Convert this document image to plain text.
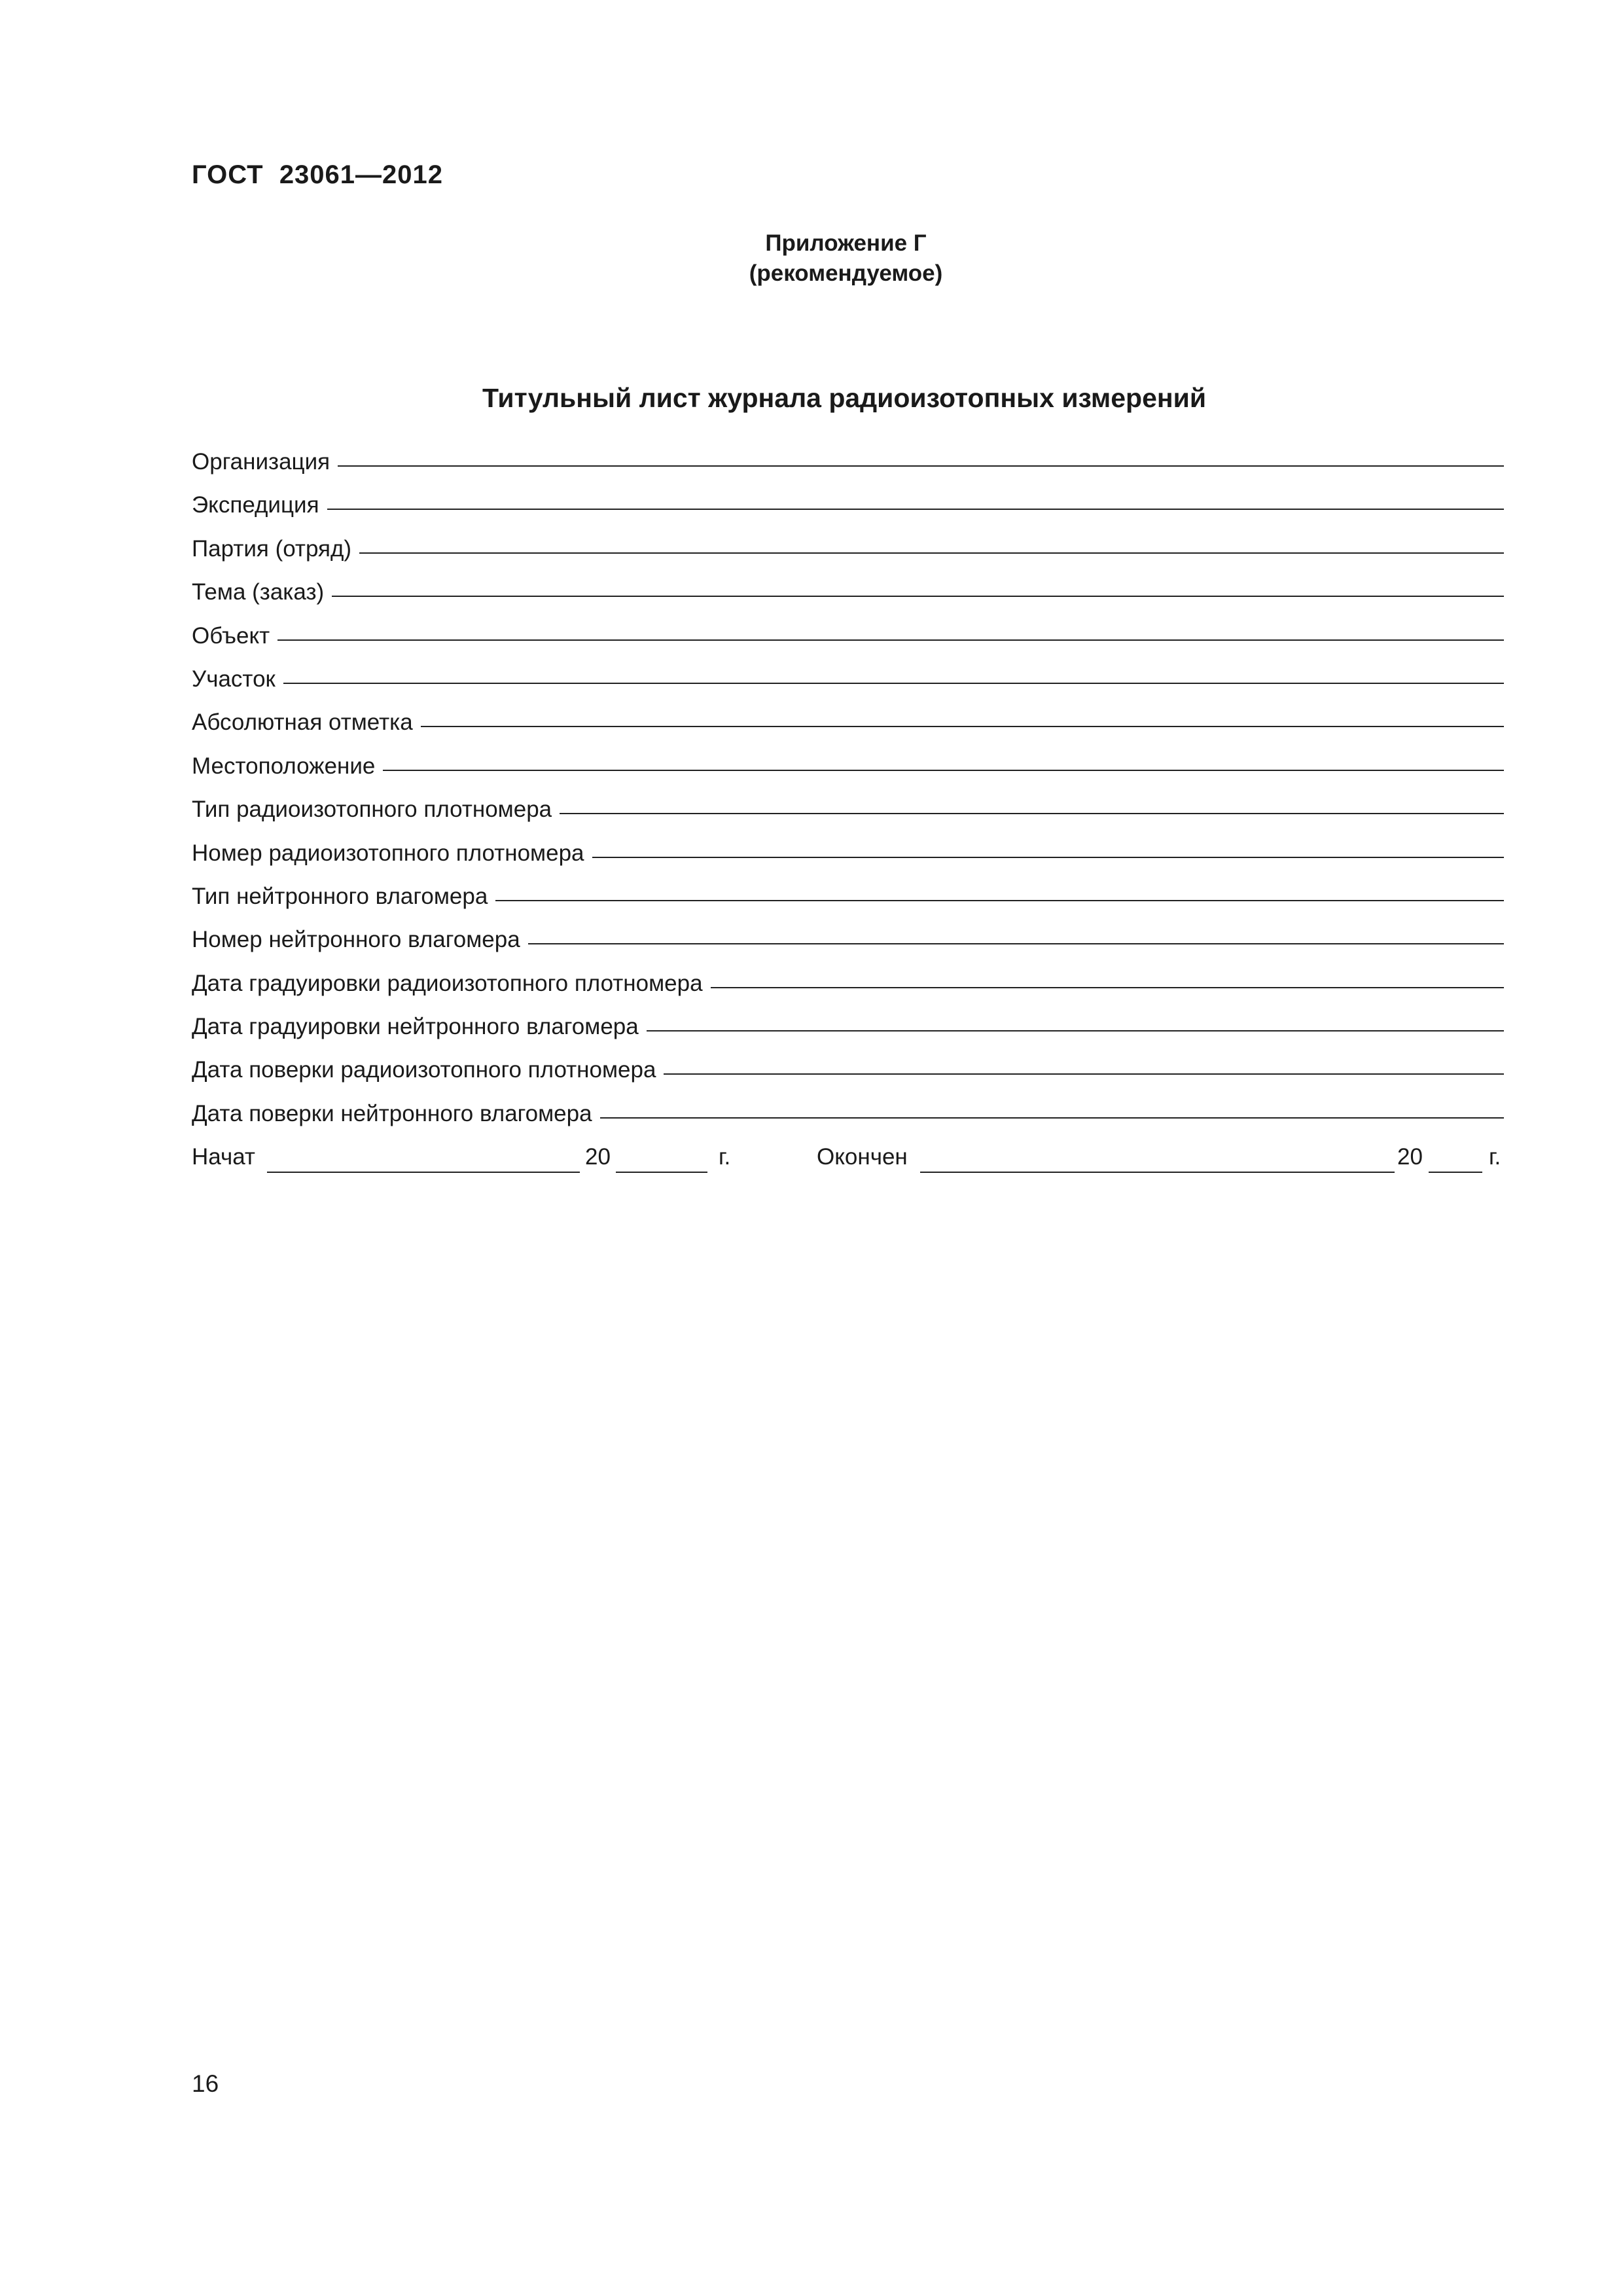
ГОСТ  23061—2012
Приложение Г
(рекомендуемое)
Титульный лист журнала радиоизотопных измерений
Организация
Экспедиция
Партия (отряд)
Тема (заказ)
Объект
Участок
Абсолютная отметка
Местоположение
Тип радиоизотопного плотномера
Номер радиоизотопного плотномера
Тип нейтронного влагомера
Номер нейтронного влагомера
Дата градуировки радиоизотопного плотномера
Дата градуировки нейтронного влагомера
Дата поверки радиоизотопного плотномера
Дата поверки нейтронного влагомера
Начат	20	г.	Окончен	20	г.
16
